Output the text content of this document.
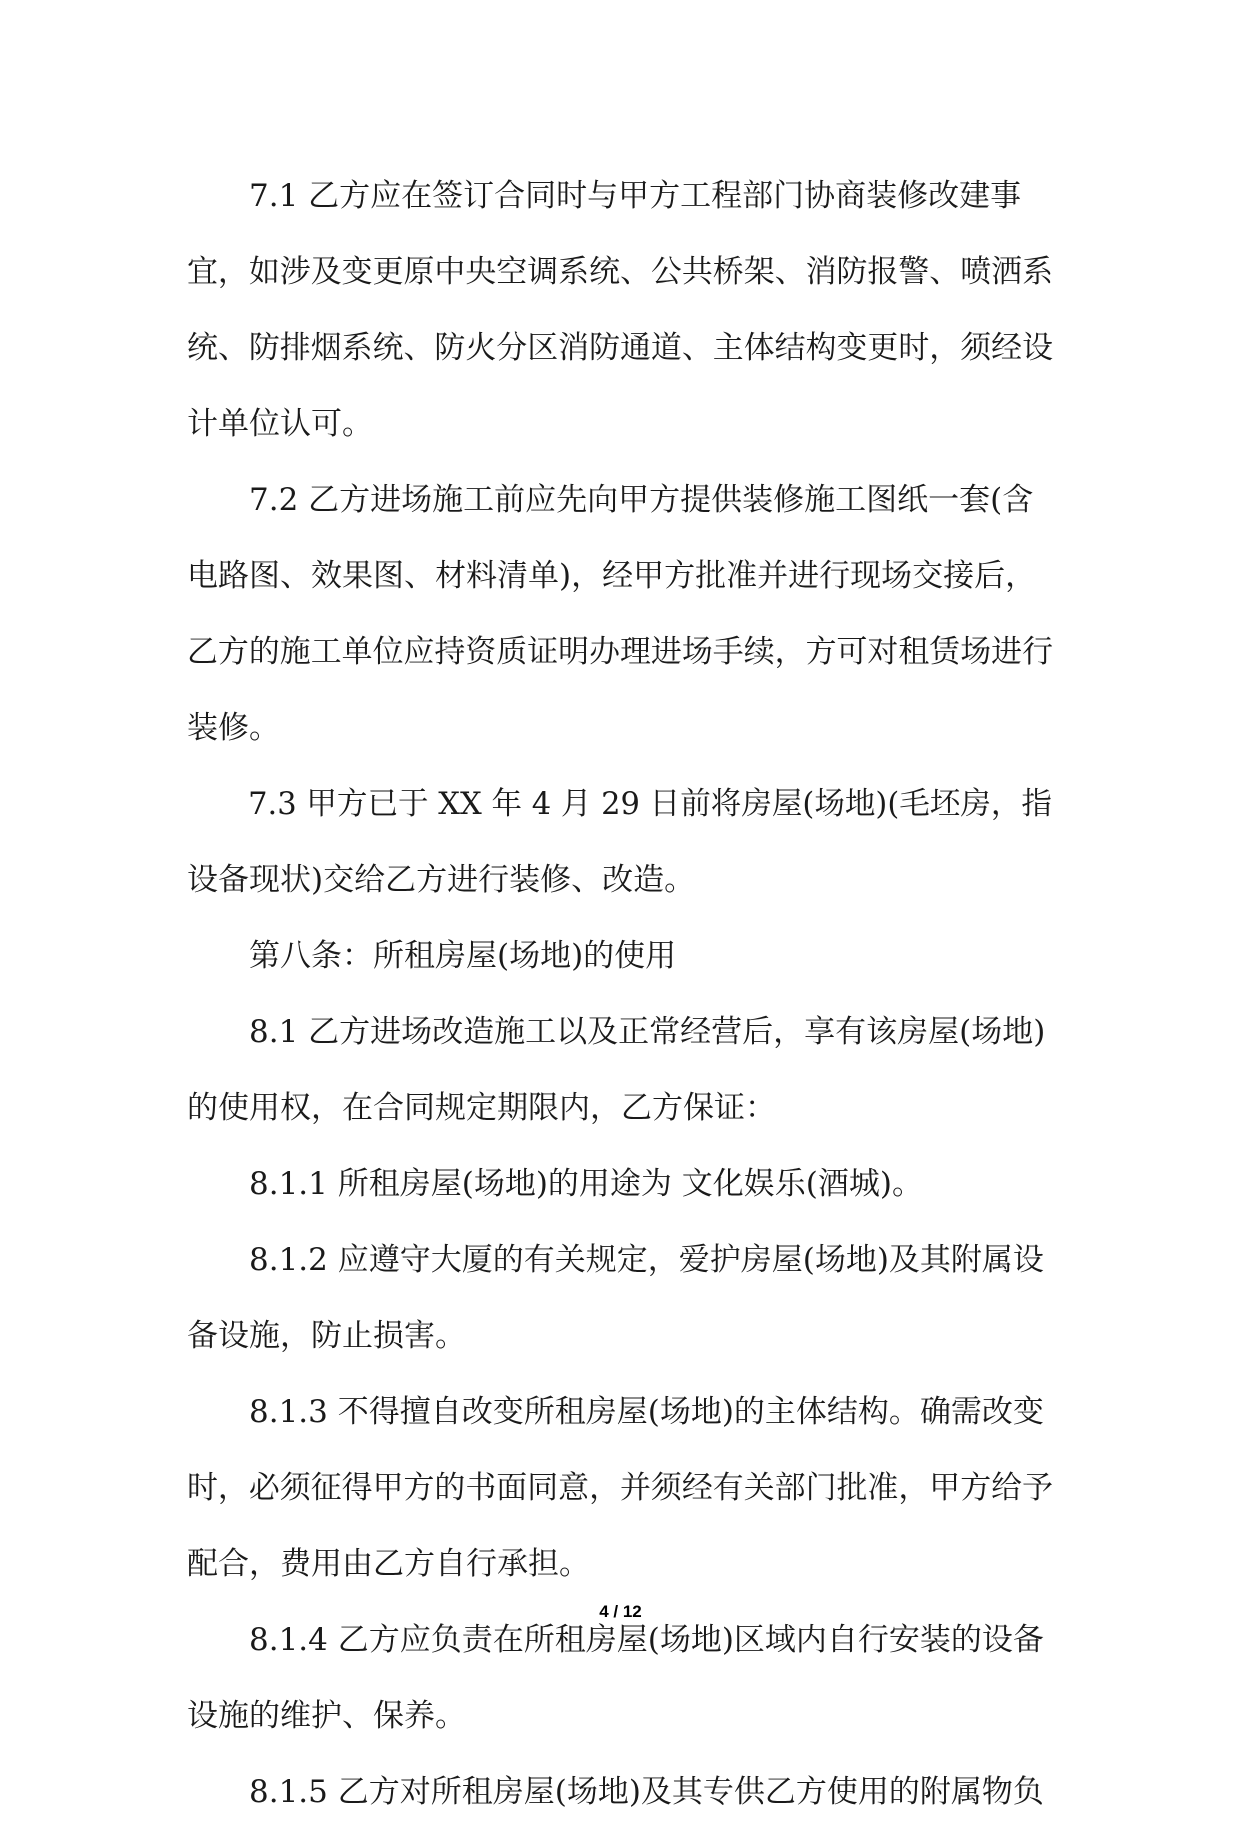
7.1 乙方应在签订合同时与甲方工程部门协商装修改建事
宜，如涉及变更原中央空调系统、公共桥架、消防报警、喷洒系
统、防排烟系统、防火分区消防通道、主体结构变更时，须经设
计单位认可。
7.2 乙方进场施工前应先向甲方提供装修施工图纸一套(含
电路图、效果图、材料清单)，经甲方批准并进行现场交接后，
乙方的施工单位应持资质证明办理进场手续，方可对租赁场进行
装修。
7.3 甲方已于 XX 年 4 月 29 日前将房屋(场地)(毛坯房，指
设备现状)交给乙方进行装修、改造。
第八条：所租房屋(场地)的使用
8.1 乙方进场改造施工以及正常经营后，享有该房屋(场地)
的使用权，在合同规定期限内，乙方保证：
8.1.1 所租房屋(场地)的用途为 文化娱乐(酒城)。
8.1.2 应遵守大厦的有关规定，爱护房屋(场地)及其附属设
备设施，防止损害。
8.1.3 不得擅自改变所租房屋(场地)的主体结构。确需改变
时，必须征得甲方的书面同意，并须经有关部门批准，甲方给予
配合，费用由乙方自行承担。
8.1.4 乙方应负责在所租房屋(场地)区域内自行安装的设备
设施的维护、保养。
8.1.5 乙方对所租房屋(场地)及其专供乙方使用的附属物负
4 / 12
